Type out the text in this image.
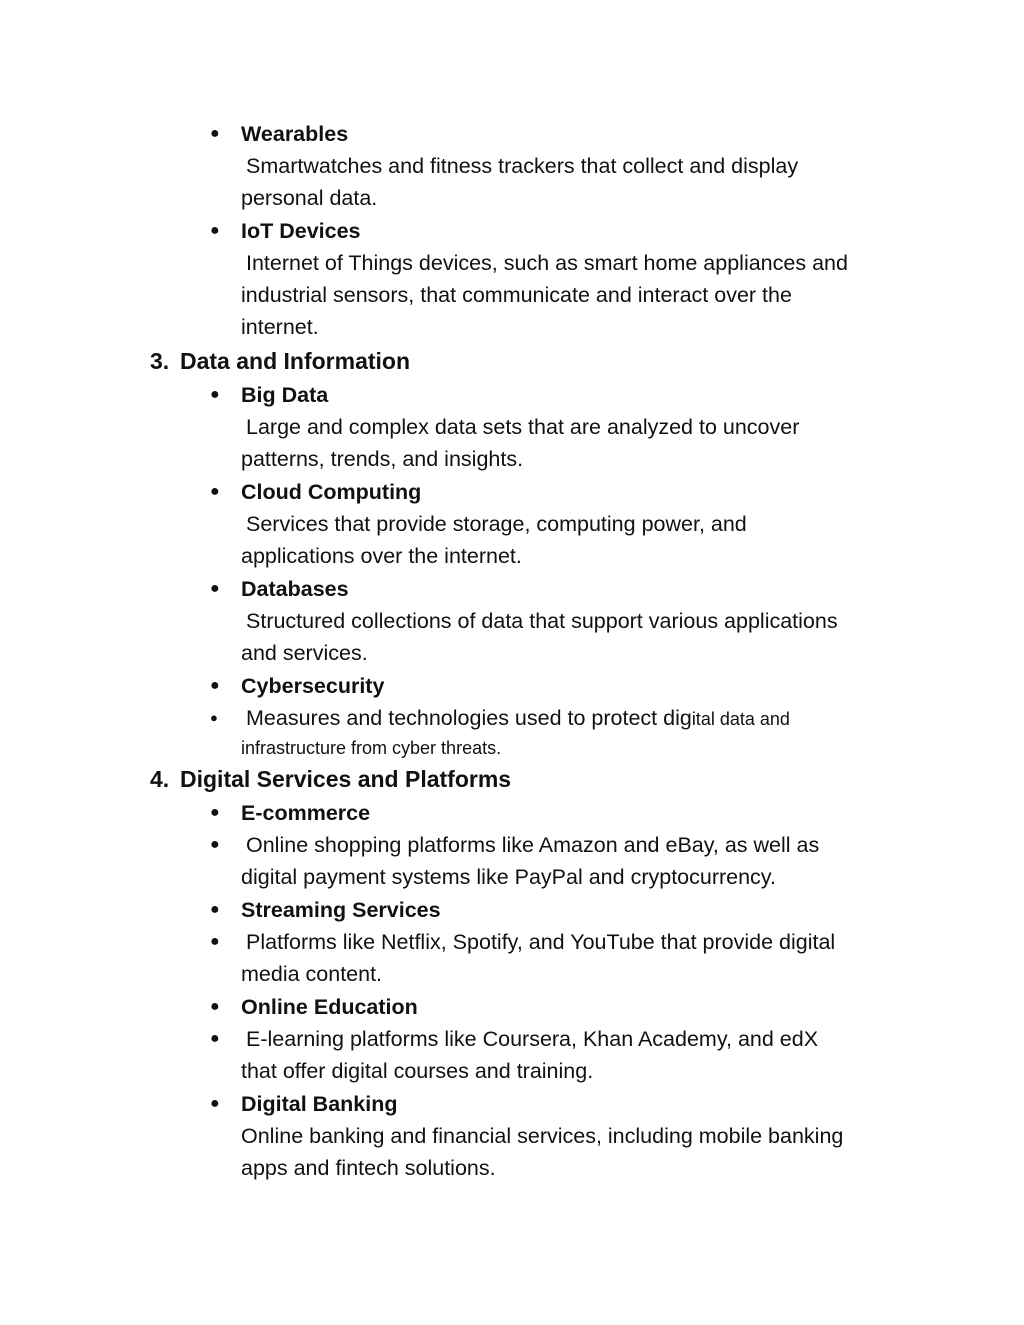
● Wearables
Smartwatches and fitness trackers that collect and display
personal data.
● IoT Devices
Internet of Things devices, such as smart home appliances and
industrial sensors, that communicate and interact over the
internet.
3. Data and Information
● Big Data
Large and complex data sets that are analyzed to uncover
patterns, trends, and insights.
● Cloud Computing
Services that provide storage, computing power, and
applications over the internet.
● Databases
Structured collections of data that support various applications
and services.
● Cybersecurity
●	Measures and technologies used to protect digital data and
infrastructure from cyber threats.
4. Digital Services and Platforms
● E-commerce
● Online shopping platforms like Amazon and eBay, as well as
digital payment systems like PayPal and cryptocurrency.
● Streaming Services
● Platforms like Netflix, Spotify, and YouTube that provide digital
media content.
● Online Education
● E-learning platforms like Coursera, Khan Academy, and edX
that offer digital courses and training.
● Digital Banking
Online banking and financial services, including mobile banking
apps and fintech solutions.
